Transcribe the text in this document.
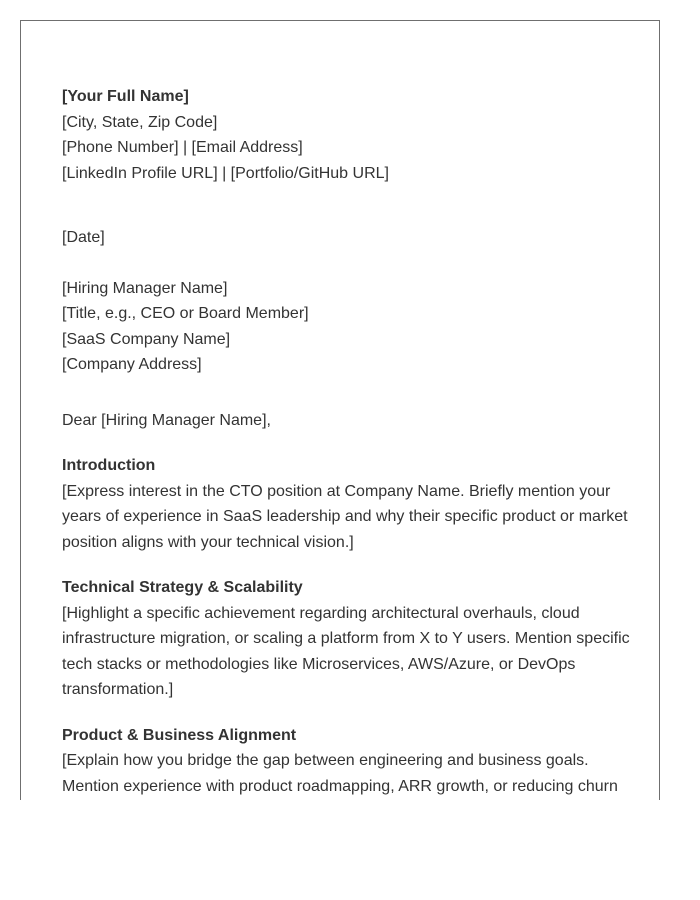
[Your Full Name]
[City, State, Zip Code]
[Phone Number] | [Email Address]
[LinkedIn Profile URL] | [Portfolio/GitHub URL]
[Date]
[Hiring Manager Name]
[Title, e.g., CEO or Board Member]
[SaaS Company Name]
[Company Address]
Dear [Hiring Manager Name],
Introduction
[Express interest in the CTO position at Company Name. Briefly mention your years of experience in SaaS leadership and why their specific product or market position aligns with your technical vision.]
Technical Strategy & Scalability
[Highlight a specific achievement regarding architectural overhauls, cloud infrastructure migration, or scaling a platform from X to Y users. Mention specific tech stacks or methodologies like Microservices, AWS/Azure, or DevOps transformation.]
Product & Business Alignment
[Explain how you bridge the gap between engineering and business goals. Mention experience with product roadmapping, ARR growth, or reducing churn
